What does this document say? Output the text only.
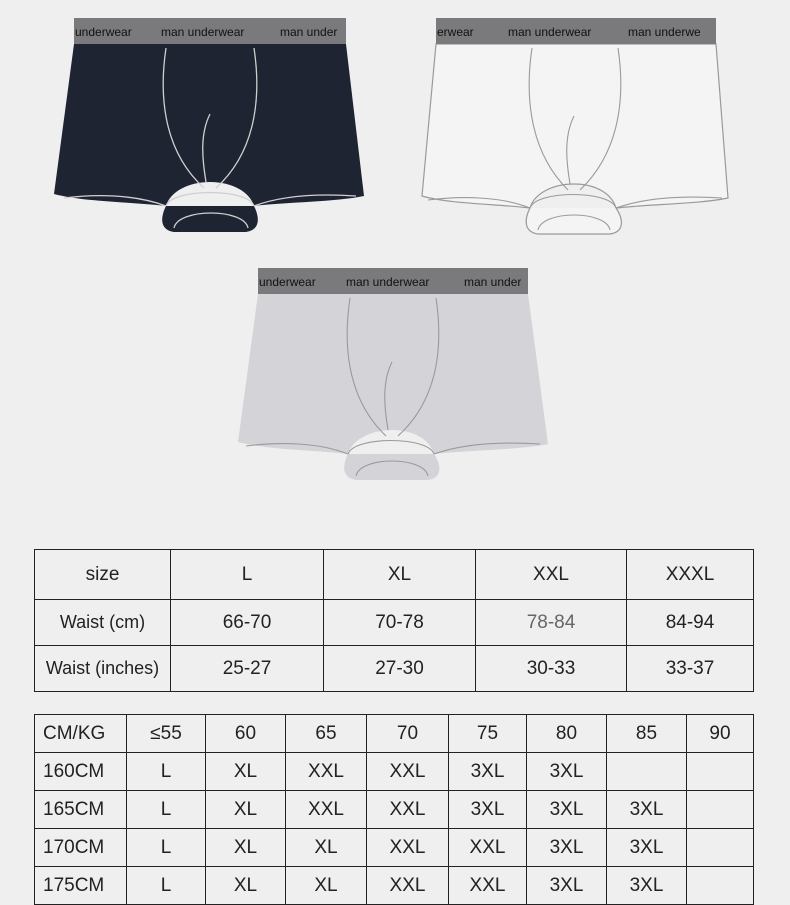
underwear man underwear	man under	erwear	man underwear	man underwe
underwear	man underwear	man under
size	L	XL	XXL	XXXL
Waist (cm)	66-70	70-78	78-84	84-94
Waist (inches)	25-27	27-30	30-33	33-37
CM/KG	≤55	60	65	70	75	80	85	90
160CM	L	XL	XXL	XXL	3XL	3XL		
165CM	L	XL	XXL	XXL	3XL	3XL	3XL	
170CM	L	XL	XL	XXL	XXL	3XL	3XL	
175CM	L	XL	XL	XXL	XXL	3XL	3XL	
